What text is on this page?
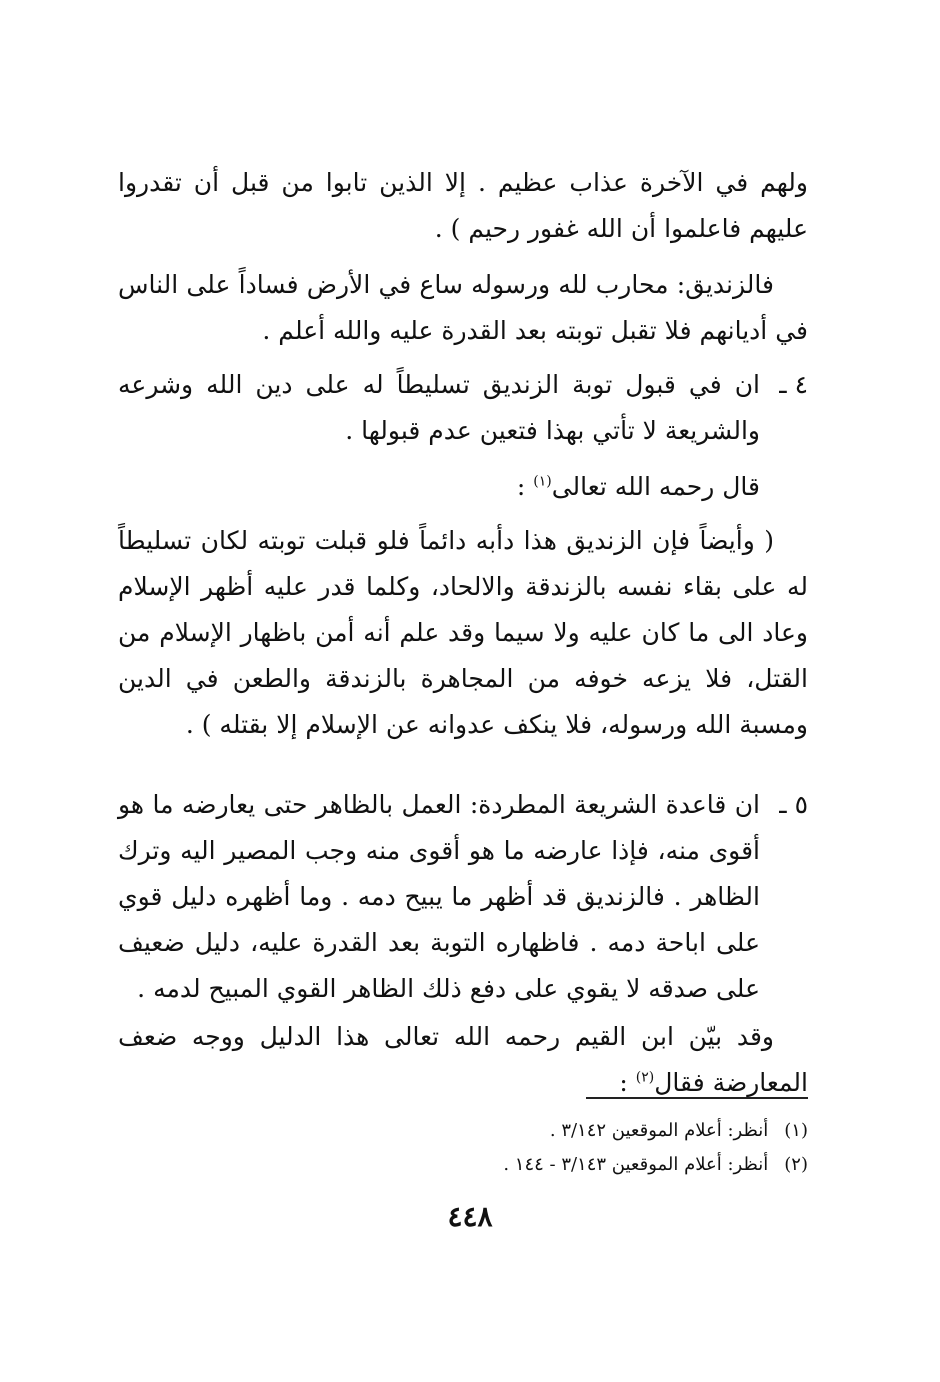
ولهم في الآخرة عذاب عظيم . إلا الذين تابوا من قبل أن تقدروا عليهم فاعلموا أن الله غفور رحيم ) .

فالزنديق: محارب لله ورسوله ساع في الأرض فساداً على الناس في أديانهم فلا تقبل توبته بعد القدرة عليه والله أعلم .

٤ ـ

ان في قبول توبة الزنديق تسليطاً له على دين الله وشرعه والشريعة لا تأتي بهذا فتعين عدم قبولها .

قال رحمه الله تعالى$^{(١)}$ :

( وأيضاً فإن الزنديق هذا دأبه دائماً فلو قبلت توبته لكان تسليطاً له على بقاء نفسه بالزندقة والالحاد، وكلما قدر عليه أظهر الإسلام وعاد الى ما كان عليه ولا سيما وقد علم أنه أمن باظهار الإسلام من القتل، فلا يزعه خوفه من المجاهرة بالزندقة والطعن في الدين ومسبة الله ورسوله، فلا ينكف عدوانه عن الإسلام إلا بقتله ) .

٥ ـ

ان قاعدة الشريعة المطردة: العمل بالظاهر حتى يعارضه ما هو أقوى منه، فإذا عارضه ما هو أقوى منه وجب المصير اليه وترك الظاهر . فالزنديق قد أظهر ما يبيح دمه . وما أظهره دليل قوي على اباحة دمه . فاظهاره التوبة بعد القدرة عليه، دليل ضعيف على صدقه لا يقوي على دفع ذلك الظاهر القوي المبيح لدمه .

وقد بيّن ابن القيم رحمه الله تعالى هذا الدليل ووجه ضعف المعارضة فقال$^{(٢)}$ :

(١) أنظر: أعلام الموقعين ٣/١٤٢ .
(٢) أنظر: أعلام الموقعين ٣/١٤٣ - ١٤٤ .
٤٤٨
